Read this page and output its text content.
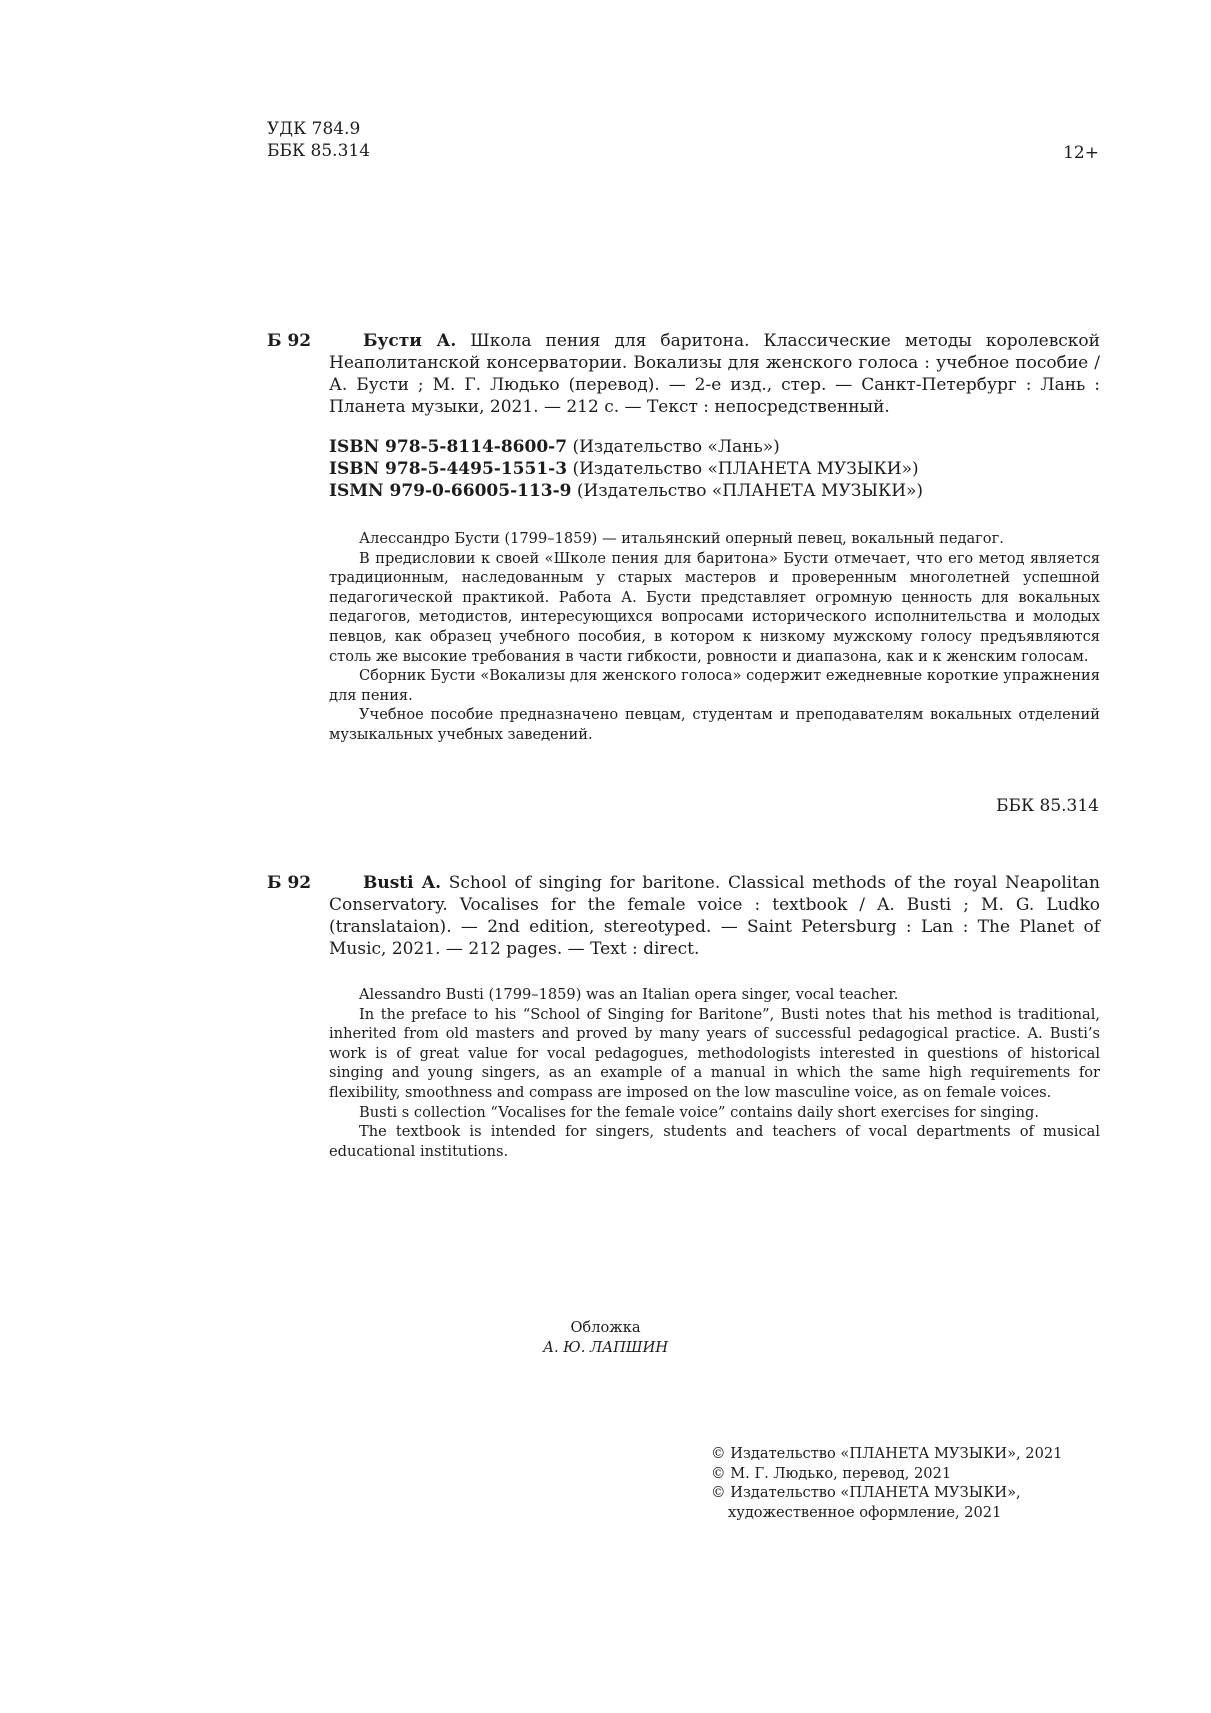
УДК 784.9
ББК 85.314	12+
Б 92	Бусти А. Школа пения для баритона. Классические методы королевской Неаполитанской консерватории. Вокализы для женского голоса : учебное пособие / А. Бусти ; М. Г. Людько (перевод). — 2-е изд., стер. — Санкт-Петербург : Лань : Планета музыки, 2021. — 212 с. — Текст : непосредственный.
ISBN 978-5-8114-8600-7 (Издательство «Лань»)
ISBN 978-5-4495-1551-3 (Издательство «ПЛАНЕТА МУЗЫКИ»)
ISMN 979-0-66005-113-9 (Издательство «ПЛАНЕТА МУЗЫКИ»)

Алессандро Бусти (1799–1859) — итальянский оперный певец, вокальный педагог.

В предисловии к своей «Школе пения для баритона» Бусти отмечает, что его метод является традиционным, наследованным у старых мастеров и проверенным многолетней успешной педагогической практикой. Работа А. Бусти представляет огромную ценность для вокальных педагогов, методистов, интересующихся вопросами исторического исполнительства и молодых певцов, как образец учебного пособия, в котором к низкому мужскому голосу предъявляются столь же высокие требования в части гибкости, ровности и диапазона, как и к женским голосам.

Сборник Бусти «Вокализы для женского голоса» содержит ежедневные короткие упражнения для пения.

Учебное пособие предназначено певцам, студентам и преподавателям вокальных отделений музыкальных учебных заведений.

ББК 85.314
Б 92	Busti A. School of singing for baritone. Classical methods of the royal Neapolitan Conservatory. Vocalises for the female voice : textbook / A. Busti ; M. G. Ludko (translataion). — 2nd edition, stereotyped. — Saint Petersburg : Lan : The Planet of Music, 2021. — 212 pages. — Text : direct.

Alessandro Busti (1799–1859) was an Italian opera singer, vocal teacher.

In the preface to his “School of Singing for Baritone”, Busti notes that his method is traditional, inherited from old masters and proved by many years of successful pedagogical practice. A. Busti’s work is of great value for vocal pedagogues, methodologists interested in questions of historical singing and young singers, as an example of a manual in which the same high requirements for flexibility, smoothness and compass are imposed on the low masculine voice, as on female voices.

Busti s collection “Vocalises for the female voice” contains daily short exercises for singing.

The textbook is intended for singers, students and teachers of vocal departments of musical educational institutions.

Обложка
А. Ю. ЛАПШИН

© Издательство «ПЛАНЕТА МУЗЫКИ», 2021

© М. Г. Людько, перевод, 2021

© Издательство «ПЛАНЕТА МУЗЫКИ», художественное оформление, 2021
